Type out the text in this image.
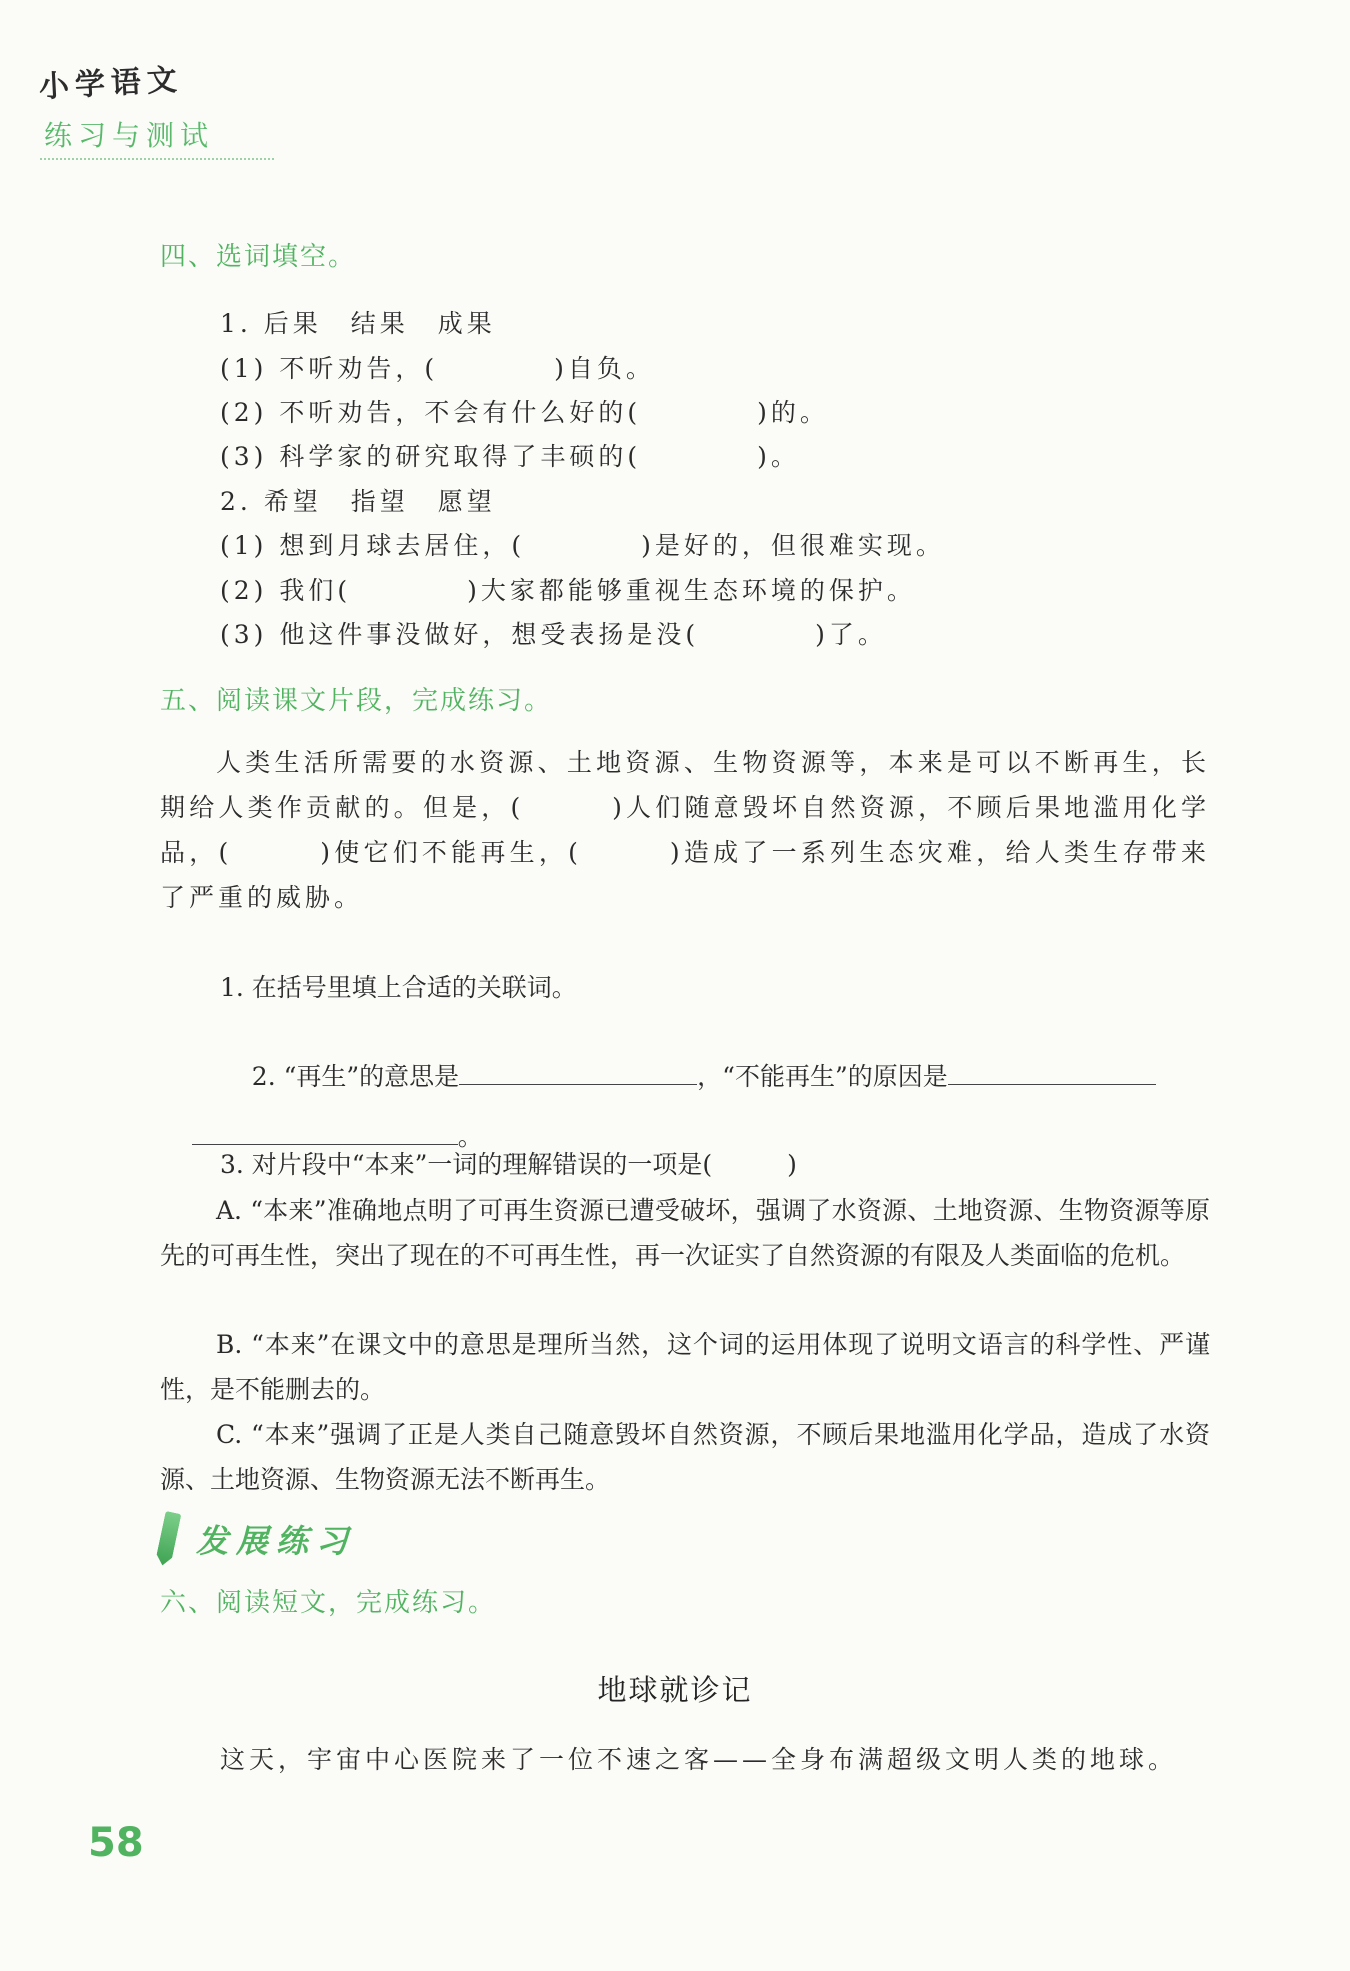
小学语文
练习与测试
四、选词填空。
1. 后果　结果　成果
(1) 不听劝告，(　　　　)自负。
(2) 不听劝告，不会有什么好的(　　　　)的。
(3) 科学家的研究取得了丰硕的(　　　　)。
2. 希望　指望　愿望
(1) 想到月球去居住，(　　　　)是好的，但很难实现。
(2) 我们(　　　　)大家都能够重视生态环境的保护。
(3) 他这件事没做好，想受表扬是没(　　　　)了。
五、阅读课文片段，完成练习。
人类生活所需要的水资源、土地资源、生物资源等，本来是可以不断再生，长期给人类作贡献的。但是，(　　　)人们随意毁坏自然资源，不顾后果地滥用化学品，(　　　)使它们不能再生，(　　　)造成了一系列生态灾难，给人类生存带来了严重的威胁。
1. 在括号里填上合适的关联词。

2. “再生”的意思是	，“不能再生”的原因是

。

3. 对片段中“本来”一词的理解错误的一项是(　　　)
A. “本来”准确地点明了可再生资源已遭受破坏，强调了水资源、土地资源、生物资源等原先的可再生性，突出了现在的不可再生性，再一次证实了自然资源的有限及人类面临的危机。
B. “本来”在课文中的意思是理所当然，这个词的运用体现了说明文语言的科学性、严谨性，是不能删去的。
C. “本来”强调了正是人类自己随意毁坏自然资源，不顾后果地滥用化学品，造成了水资源、土地资源、生物资源无法不断再生。
发展练习
六、阅读短文，完成练习。
地球就诊记
这天，宇宙中心医院来了一位不速之客——全身布满超级文明人类的地球。
58
